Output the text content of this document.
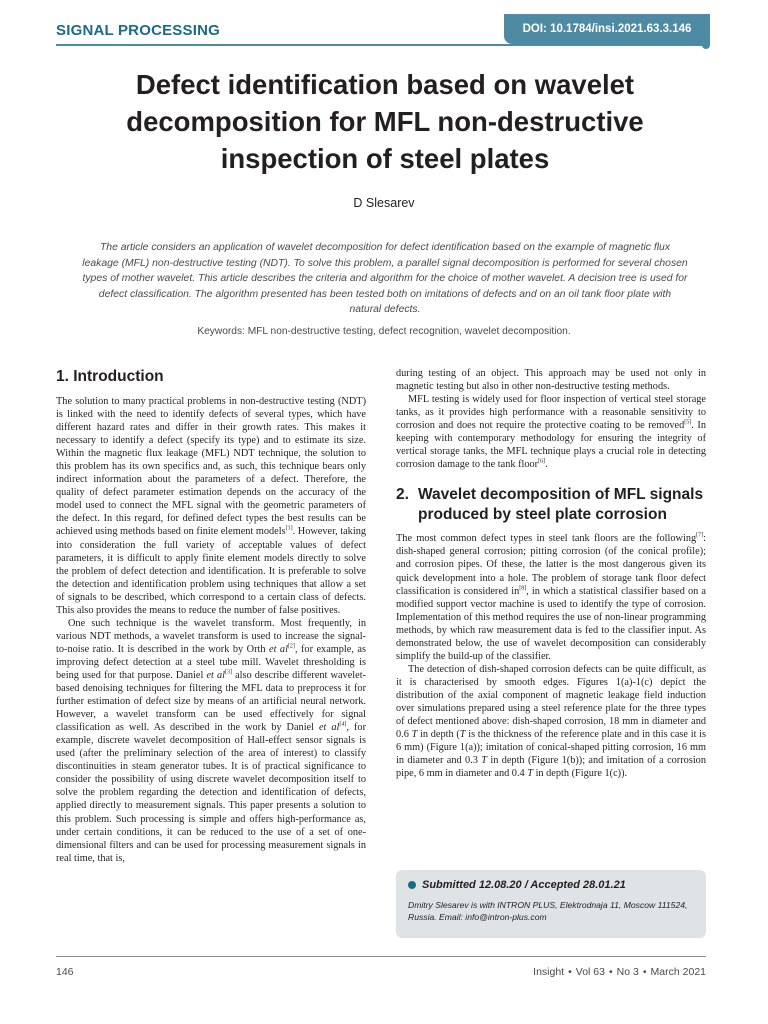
SIGNAL PROCESSING	DOI: 10.1784/insi.2021.63.3.146
Defect identification based on wavelet decomposition for MFL non-destructive inspection of steel plates
D Slesarev
The article considers an application of wavelet decomposition for defect identification based on the example of magnetic flux leakage (MFL) non-destructive testing (NDT). To solve this problem, a parallel signal decomposition is performed for several chosen types of mother wavelet. This article describes the criteria and algorithm for the choice of mother wavelet. A decision tree is used for defect classification. The algorithm presented has been tested both on imitations of defects and on an oil tank floor plate with natural defects.
Keywords: MFL non-destructive testing, defect recognition, wavelet decomposition.
1. Introduction

The solution to many practical problems in non-destructive testing (NDT) is linked with the need to identify defects of several types, which have different hazard rates and differ in their growth rates. This makes it necessary to identify a defect (specify its type) and to estimate its size. Within the magnetic flux leakage (MFL) NDT technique, the solution to this problem has its own specifics and, as such, this technique bears only indirect information about the parameters of a defect. Therefore, the quality of defect parameter estimation depends on the accuracy of the model used to connect the MFL signal with the geometric parameters of the defect. In this regard, for defined defect types the best results can be achieved using methods based on finite element models[1]. However, taking into consideration the full variety of acceptable values of defect parameters, it is difficult to apply finite element models directly to solve the problem of defect detection and identification. It is preferable to solve the detection and identification problem using techniques that allow a set of signals to be described, which correspond to a certain class of defects. This also provides the means to reduce the number of false positives.

One such technique is the wavelet transform. Most frequently, in various NDT methods, a wavelet transform is used to increase the signal-to-noise ratio. It is described in the work by Orth et al[2], for example, as improving defect detection at a steel tube mill. Wavelet thresholding is being used for that purpose. Daniel et al[3] also describe different wavelet-based denoising techniques for filtering the MFL data to preprocess it for further estimation of defect size by means of an artificial neural network. However, a wavelet transform can be used effectively for signal classification as well. As described in the work by Daniel et al[4], for example, discrete wavelet decomposition of Hall-effect sensor signals is used (after the preliminary selection of the area of interest) to classify discontinuities in steam generator tubes. It is of practical significance to consider the possibility of using discrete wavelet decomposition itself to solve the problem regarding the detection and identification of defects, applied directly to measurement signals. This paper presents a solution to this problem. Such processing is simple and offers high-performance as, under certain conditions, it can be reduced to the use of a set of one-dimensional filters and can be used for processing measurement signals in real time, that is,

during testing of an object. This approach may be used not only in magnetic testing but also in other non-destructive testing methods.

MFL testing is widely used for floor inspection of vertical steel storage tanks, as it provides high performance with a reasonable sensitivity to corrosion and does not require the protective coating to be removed[5]. In keeping with contemporary methodology for ensuring the integrity of vertical storage tanks, the MFL technique plays a crucial role in detecting corrosion damage to the tank floor[6].

2. Wavelet decomposition of MFL signals produced by steel plate corrosion

The most common defect types in steel tank floors are the following[7]: dish-shaped general corrosion; pitting corrosion (of the conical profile); and corrosion pipes. Of these, the latter is the most dangerous given its quick development into a hole. The problem of storage tank floor defect classification is considered in[8], in which a statistical classifier based on a modified support vector machine is used to identify the type of corrosion. Implementation of this method requires the use of non-linear programming methods, by which raw measurement data is fed to the classifier input. As demonstrated below, the use of wavelet decomposition can considerably simplify the build-up of the classifier.

The detection of dish-shaped corrosion defects can be quite difficult, as it is characterised by smooth edges. Figures 1(a)-1(c) depict the distribution of the axial component of magnetic leakage field induction over simulations prepared using a steel reference plate for the three types of defect mentioned above: dish-shaped corrosion, 18 mm in diameter and 0.6 T in depth (T is the thickness of the reference plate and in this case it is 6 mm) (Figure 1(a)); imitation of conical-shaped pitting corrosion, 16 mm in diameter and 0.3 T in depth (Figure 1(b)); and imitation of a corrosion pipe, 6 mm in diameter and 0.4 T in depth (Figure 1(c)).

Submitted 12.08.20 / Accepted 28.01.21
Dmitry Slesarev is with INTRON PLUS, Elektrodnaja 11, Moscow 111524, Russia. Email: info@intron-plus.com
146	Insight • Vol 63 • No 3 • March 2021
